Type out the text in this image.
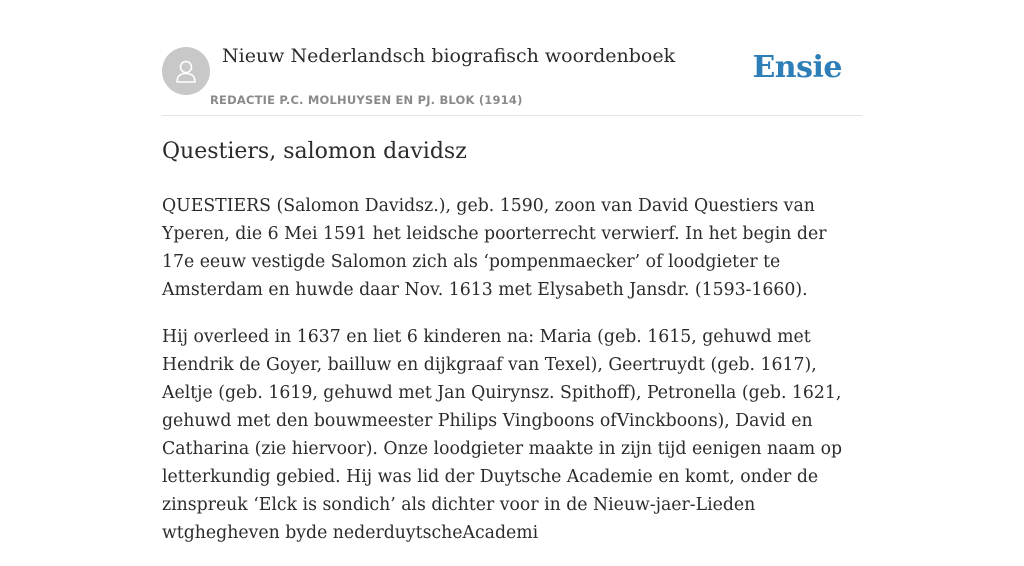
Nieuw Nederlandsch biografisch woordenboek
REDACTIE P.C. MOLHUYSEN EN PJ. BLOK (1914)
Ensie
Questiers, salomon davidsz

QUESTIERS (Salomon Davidsz.), geb. 1590, zoon van David Questiers van Yperen, die 6 Mei 1591 het leidsche poorterrecht verwierf. In het begin der 17e eeuw vestigde Salomon zich als ‘pompenmaecker’ of loodgieter te Amsterdam en huwde daar Nov. 1613 met Elysabeth Jansdr. (1593-1660).

Hij overleed in 1637 en liet 6 kinderen na: Maria (geb. 1615, gehuwd met Hendrik de Goyer, bailluw en dijkgraaf van Texel), Geertruydt (geb. 1617), Aeltje (geb. 1619, gehuwd met Jan Quirynsz. Spithoff), Petronella (geb. 1621, gehuwd met den bouwmeester Philips Vingboons ofVinckboons), David en Catharina (zie hiervoor). Onze loodgieter maakte in zijn tijd eenigen naam op letterkundig gebied. Hij was lid der Duytsche Academie en komt, onder de zinspreuk ‘Elck is sondich’ als dichter voor in de Nieuw-jaer-Lieden wtghegheven byde nederduytscheAcademi
